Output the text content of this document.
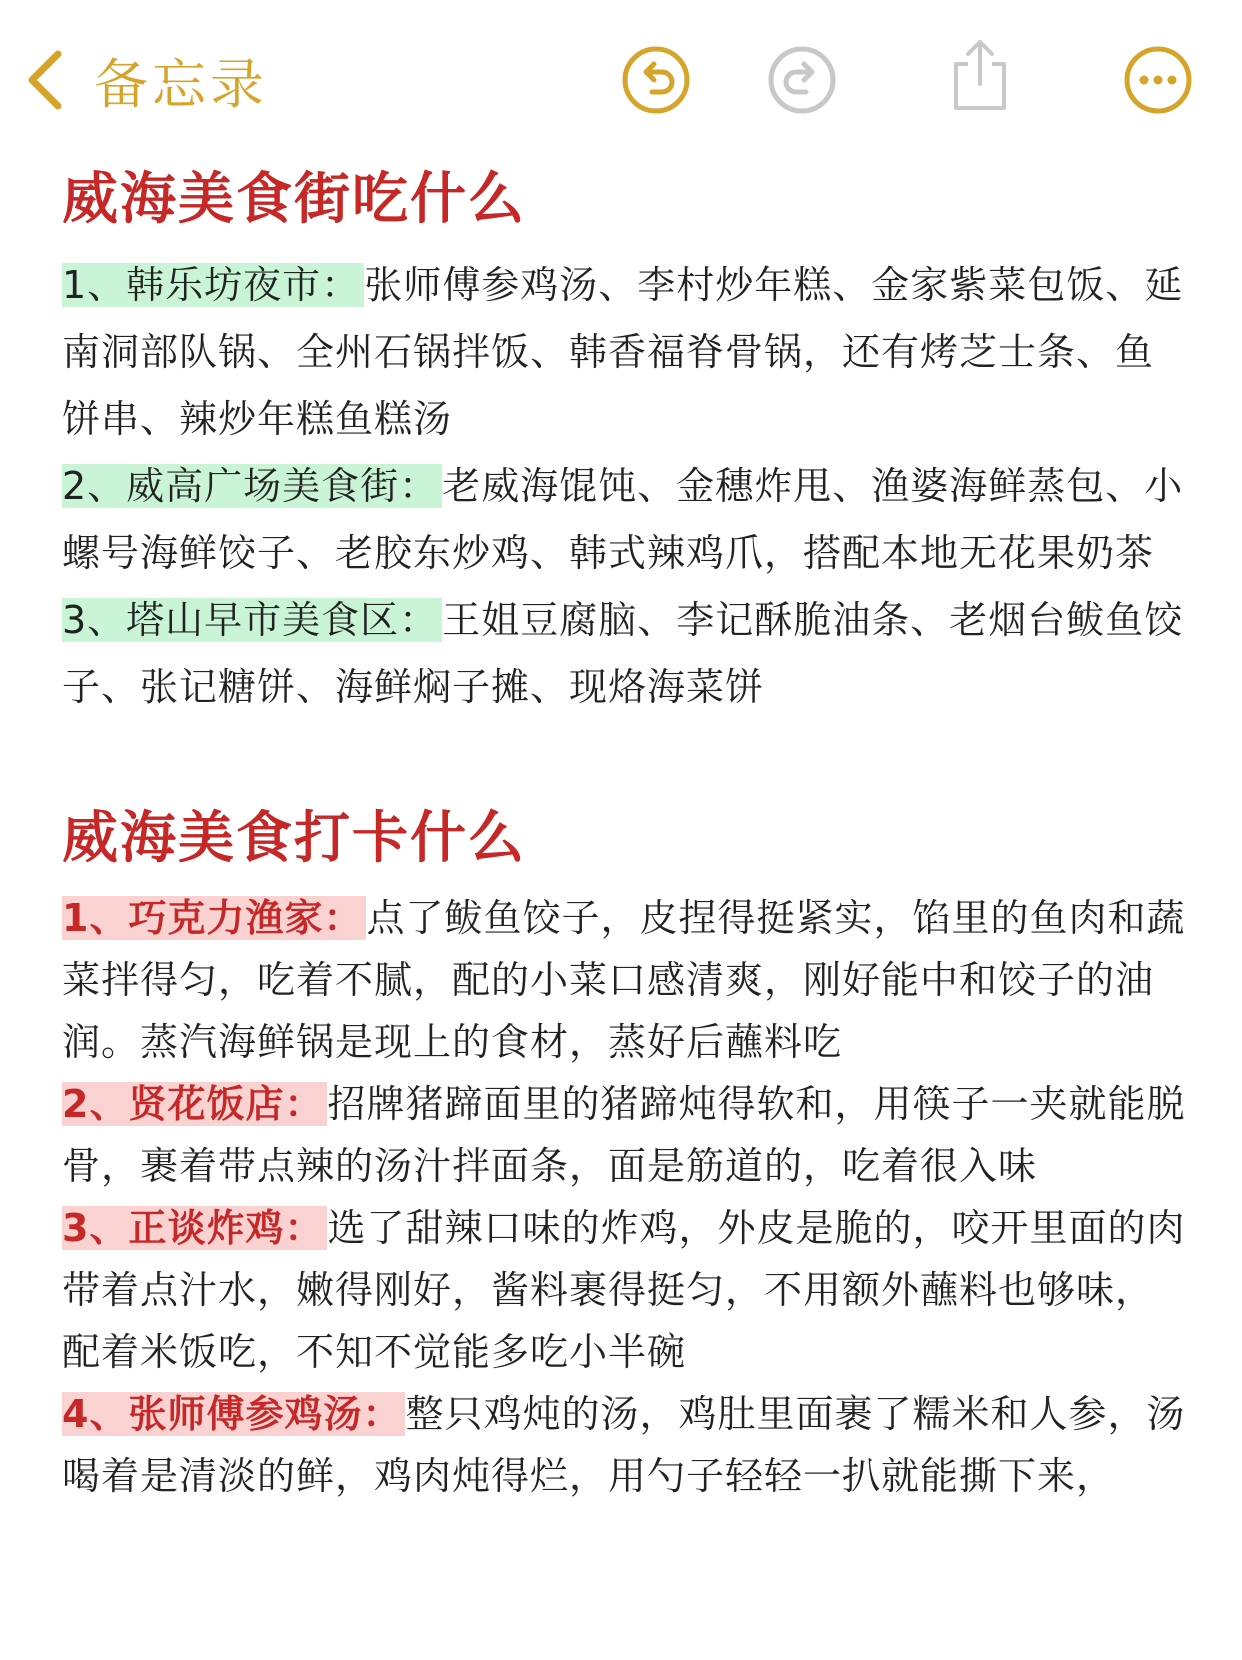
备忘录
威海美食街吃什么

1、韩乐坊夜市： 张师傅参鸡汤、李村炒年糕、金家紫菜包饭、延南洞部队锅、全州石锅拌饭、韩香福脊骨锅，还有烤芝士条、鱼饼串、辣炒年糕鱼糕汤

2、威高广场美食街： 老威海馄饨、金穗炸甩、渔婆海鲜蒸包、小螺号海鲜饺子、老胶东炒鸡、韩式辣鸡爪，搭配本地无花果奶茶

3、塔山早市美食区： 王姐豆腐脑、李记酥脆油条、老烟台鲅鱼饺子、张记糖饼、海鲜焖子摊、现烙海菜饼

威海美食打卡什么

1、巧克力渔家： 点了鲅鱼饺子，皮捏得挺紧实，馅里的鱼肉和蔬菜拌得匀，吃着不腻，配的小菜口感清爽，刚好能中和饺子的油润。蒸汽海鲜锅是现上的食材，蒸好后蘸料吃

2、贤花饭店： 招牌猪蹄面里的猪蹄炖得软和，用筷子一夹就能脱骨，裹着带点辣的汤汁拌面条，面是筋道的，吃着很入味

3、正谈炸鸡： 选了甜辣口味的炸鸡，外皮是脆的，咬开里面的肉带着点汁水，嫩得刚好，酱料裹得挺匀，不用额外蘸料也够味，配着米饭吃，不知不觉能多吃小半碗

4、张师傅参鸡汤： 整只鸡炖的汤，鸡肚里面裹了糯米和人参，汤喝着是清淡的鲜，鸡肉炖得烂，用勺子轻轻一扒就能撕下来，
